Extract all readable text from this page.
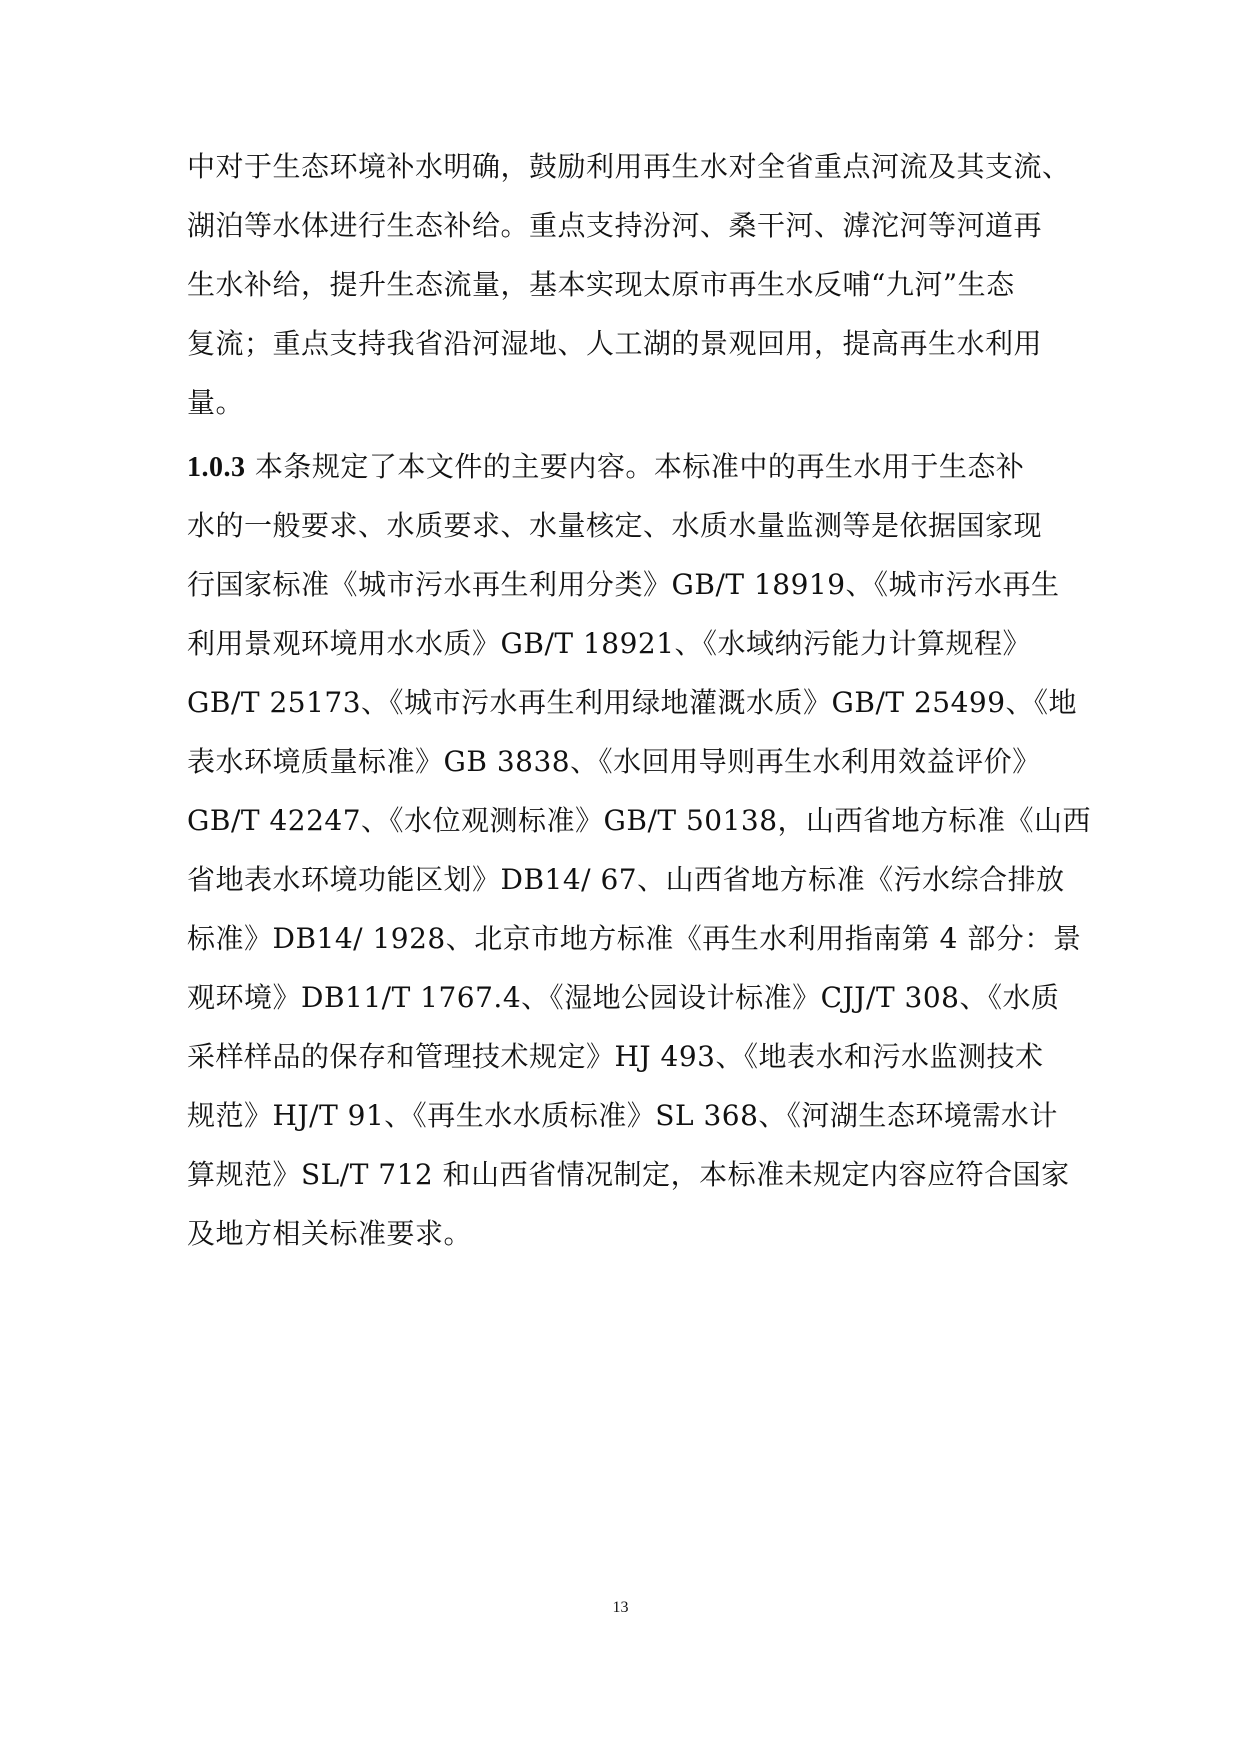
中对于生态环境补水明确，鼓励利用再生水对全省重点河流及其支流、
湖泊等水体进行生态补给。重点支持汾河、桑干河、滹沱河等河道再
生水补给，提升生态流量，基本实现太原市再生水反哺“九河”生态
复流；重点支持我省沿河湿地、人工湖的景观回用，提高再生水利用
量。
1.0.3 本条规定了本文件的主要内容。本标准中的再生水用于生态补
水的一般要求、水质要求、水量核定、水质水量监测等是依据国家现
行国家标准《城市污水再生利用分类》GB/T 18919、《城市污水再生
利用景观环境用水水质》GB/T 18921、《水域纳污能力计算规程》
GB/T 25173、《城市污水再生利用绿地灌溉水质》GB/T 25499、《地
表水环境质量标准》GB 3838、《水回用导则再生水利用效益评价》
GB/T 42247、《水位观测标准》GB/T 50138，山西省地方标准《山西
省地表水环境功能区划》DB14/ 67、山西省地方标准《污水综合排放
标准》DB14/ 1928、北京市地方标准《再生水利用指南第 4 部分：景
观环境》DB11/T 1767.4、《湿地公园设计标准》CJJ/T 308、《水质
采样样品的保存和管理技术规定》HJ 493、《地表水和污水监测技术
规范》HJ/T 91、《再生水水质标准》SL 368、《河湖生态环境需水计
算规范》SL/T 712 和山西省情况制定，本标准未规定内容应符合国家
及地方相关标准要求。
13
